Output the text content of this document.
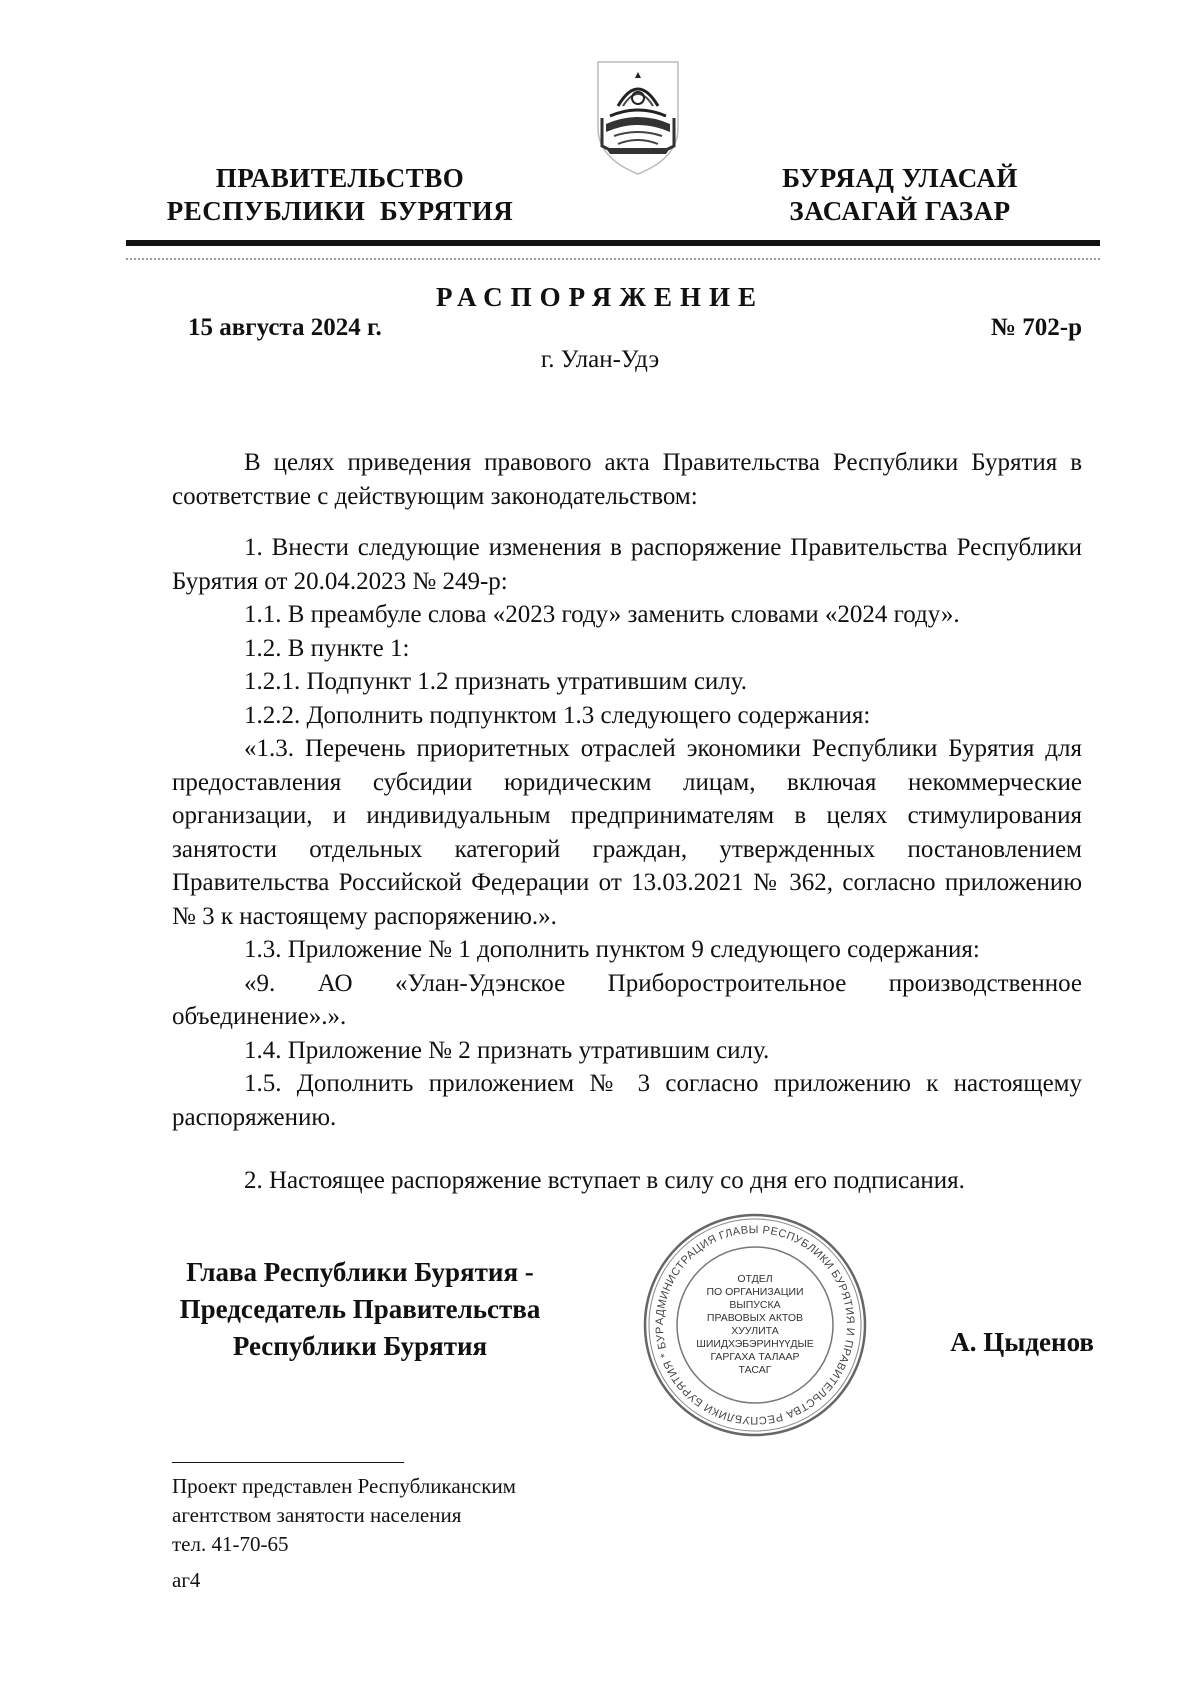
ПРАВИТЕЛЬСТВО
РЕСПУБЛИКИ  БУРЯТИЯ
БУРЯАД УЛАСАЙ
ЗАСАГАЙ ГАЗАР
РАСПОРЯЖЕНИЕ
15 августа 2024 г.	№ 702-р
г. Улан-Удэ

В целях приведения правового акта Правительства Республики Бурятия в соответствие с действующим законодательством:

1. Внести следующие изменения в распоряжение Правительства Республики Бурятия от 20.04.2023 № 249-р:

1.1. В преамбуле слова «2023 году» заменить словами «2024 году».

1.2. В пункте 1:

1.2.1. Подпункт 1.2 признать утратившим силу.

1.2.2. Дополнить подпунктом 1.3 следующего содержания:

«1.3. Перечень приоритетных отраслей экономики Республики Бурятия для предоставления субсидии юридическим лицам, включая некоммерческие организации, и индивидуальным предпринимателям в целях стимулирования занятости отдельных категорий граждан, утвержденных постановлением Правительства Российской Федерации от 13.03.2021 № 362, согласно приложению № 3 к настоящему распоряжению.».

1.3. Приложение № 1 дополнить пунктом 9 следующего содержания:

«9. АО «Улан-Удэнское Приборостроительное производственное объединение».».

1.4. Приложение № 2 признать утратившим силу.

1.5. Дополнить приложением № 3 согласно приложению к настоящему распоряжению.

2. Настоящее распоряжение вступает в силу со дня его подписания.

Глава Республики Бурятия -
Председатель Правительства
Республики Бурятия
АДМИНИСТРАЦИЯ ГЛАВЫ РЕСПУБЛИКИ БУРЯТИЯ И ПРАВИТЕЛЬСТВА РЕСПУБЛИКИ БУРЯТИЯ * БУР
ОТДЕЛ
ПО ОРГАНИЗАЦИИ
ВЫПУСКА
ПРАВОВЫХ АКТОВ
ХУУЛИТА
ШИИДХЭБЭРИНҮҮДЫЕ
ГАРГАХА ТАЛААР
ТАСАГ
А. Цыденов
Проект представлен Республиканским
агентством занятости населения
тел. 41-70-65
аг4
